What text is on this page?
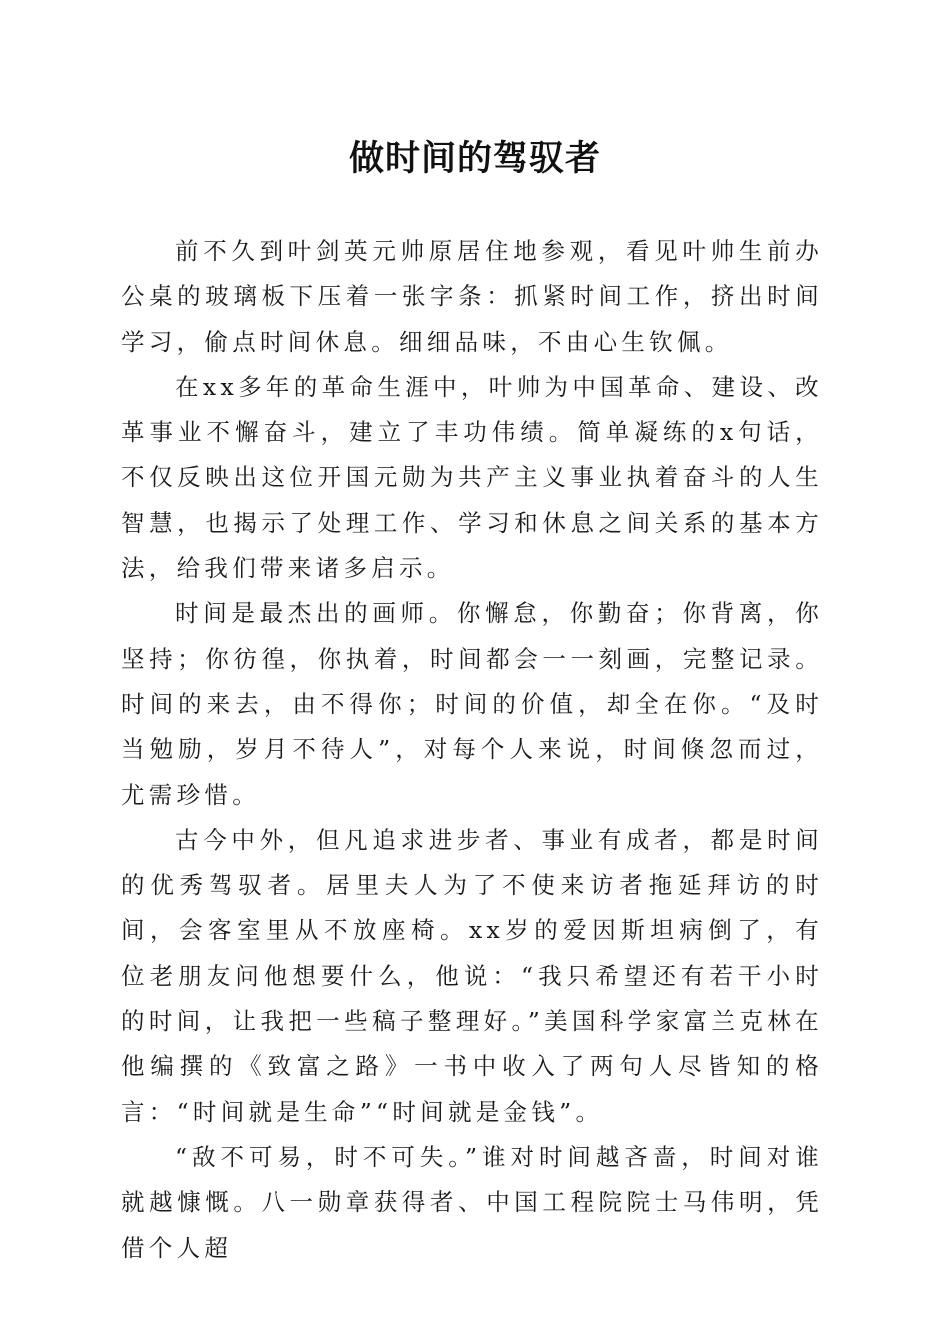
做时间的驾驭者

前不久到叶剑英元帅原居住地参观，看见叶帅生前办公桌的玻璃板下压着一张字条：抓紧时间工作，挤出时间学习，偷点时间休息。细细品味，不由心生钦佩。

在xx多年的革命生涯中，叶帅为中国革命、建设、改革事业不懈奋斗，建立了丰功伟绩。简单凝练的x句话，不仅反映出这位开国元勋为共产主义事业执着奋斗的人生智慧，也揭示了处理工作、学习和休息之间关系的基本方法，给我们带来诸多启示。

时间是最杰出的画师。你懈怠，你勤奋；你背离，你坚持；你彷徨，你执着，时间都会一一刻画，完整记录。时间的来去，由不得你；时间的价值，却全在你。“及时当勉励，岁月不待人”，对每个人来说，时间倏忽而过，尤需珍惜。

古今中外，但凡追求进步者、事业有成者，都是时间的优秀驾驭者。居里夫人为了不使来访者拖延拜访的时间，会客室里从不放座椅。xx岁的爱因斯坦病倒了，有位老朋友问他想要什么，他说：“我只希望还有若干小时的时间，让我把一些稿子整理好。”美国科学家富兰克林在他编撰的《致富之路》一书中收入了两句人尽皆知的格言：“时间就是生命”“时间就是金钱”。

“敌不可易，时不可失。”谁对时间越吝啬，时间对谁就越慷慨。八一勋章获得者、中国工程院院士马伟明，凭借个人超
